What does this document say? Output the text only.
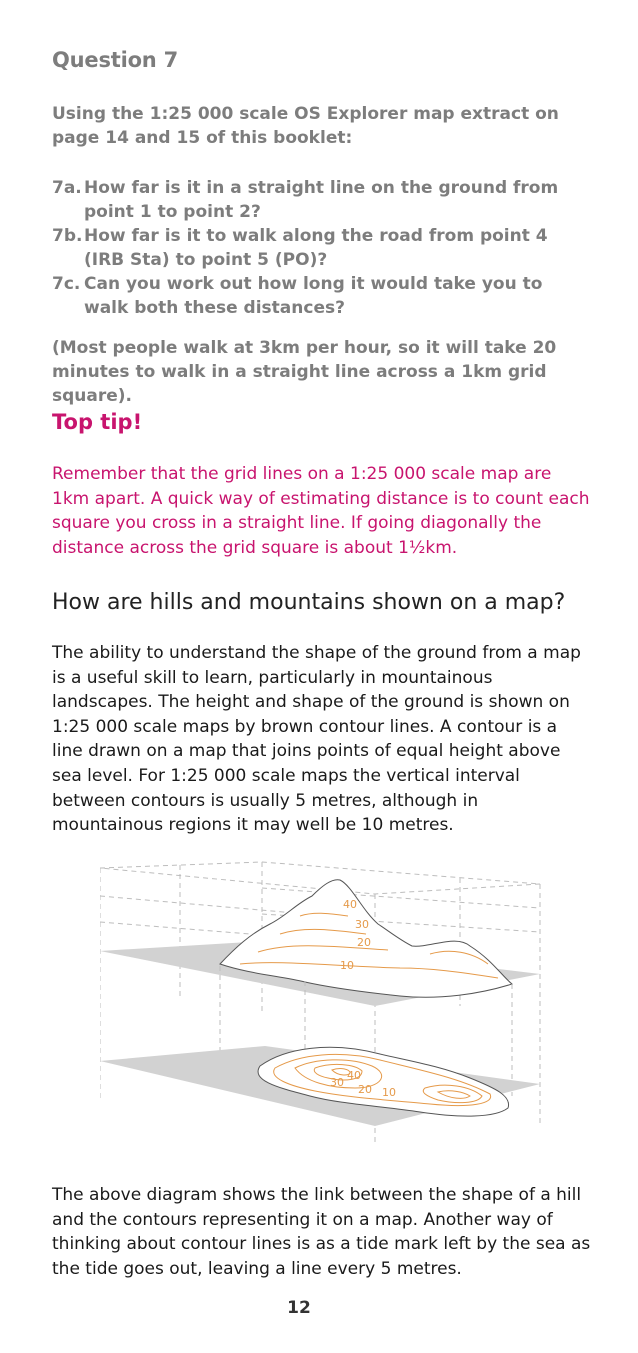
Question 7
Using the 1:25 000 scale OS Explorer map extract on page 14 and 15 of this booklet:
7a. How far is it in a straight line on the ground from point 1 to point 2?
7b. How far is it to walk along the road from point 4 (IRB Sta) to point 5 (PO)?
7c. Can you work out how long it would take you to walk both these distances?
(Most people walk at 3km per hour, so it will take 20 minutes to walk in a straight line across a 1km grid square).
Top tip!
Remember that the grid lines on a 1:25 000 scale map are 1km apart. A quick way of estimating distance is to count each square you cross in a straight line. If going diagonally the distance across the grid square is about 1½km.
How are hills and mountains shown on a map?
The ability to understand the shape of the ground from a map is a useful skill to learn, particularly in mountainous landscapes. The height and shape of the ground is shown on 1:25 000 scale maps by brown contour lines. A contour is a line drawn on a map that joins points of equal height above sea level. For 1:25 000 scale maps the vertical interval between contours is usually 5 metres, although in mountainous regions it may well be 10 metres.
40
30
20
10
40
30
20 10
The above diagram shows the link between the shape of a hill and the contours representing it on a map. Another way of thinking about contour lines is as a tide mark left by the sea as the tide goes out, leaving a line every 5 metres.
12
